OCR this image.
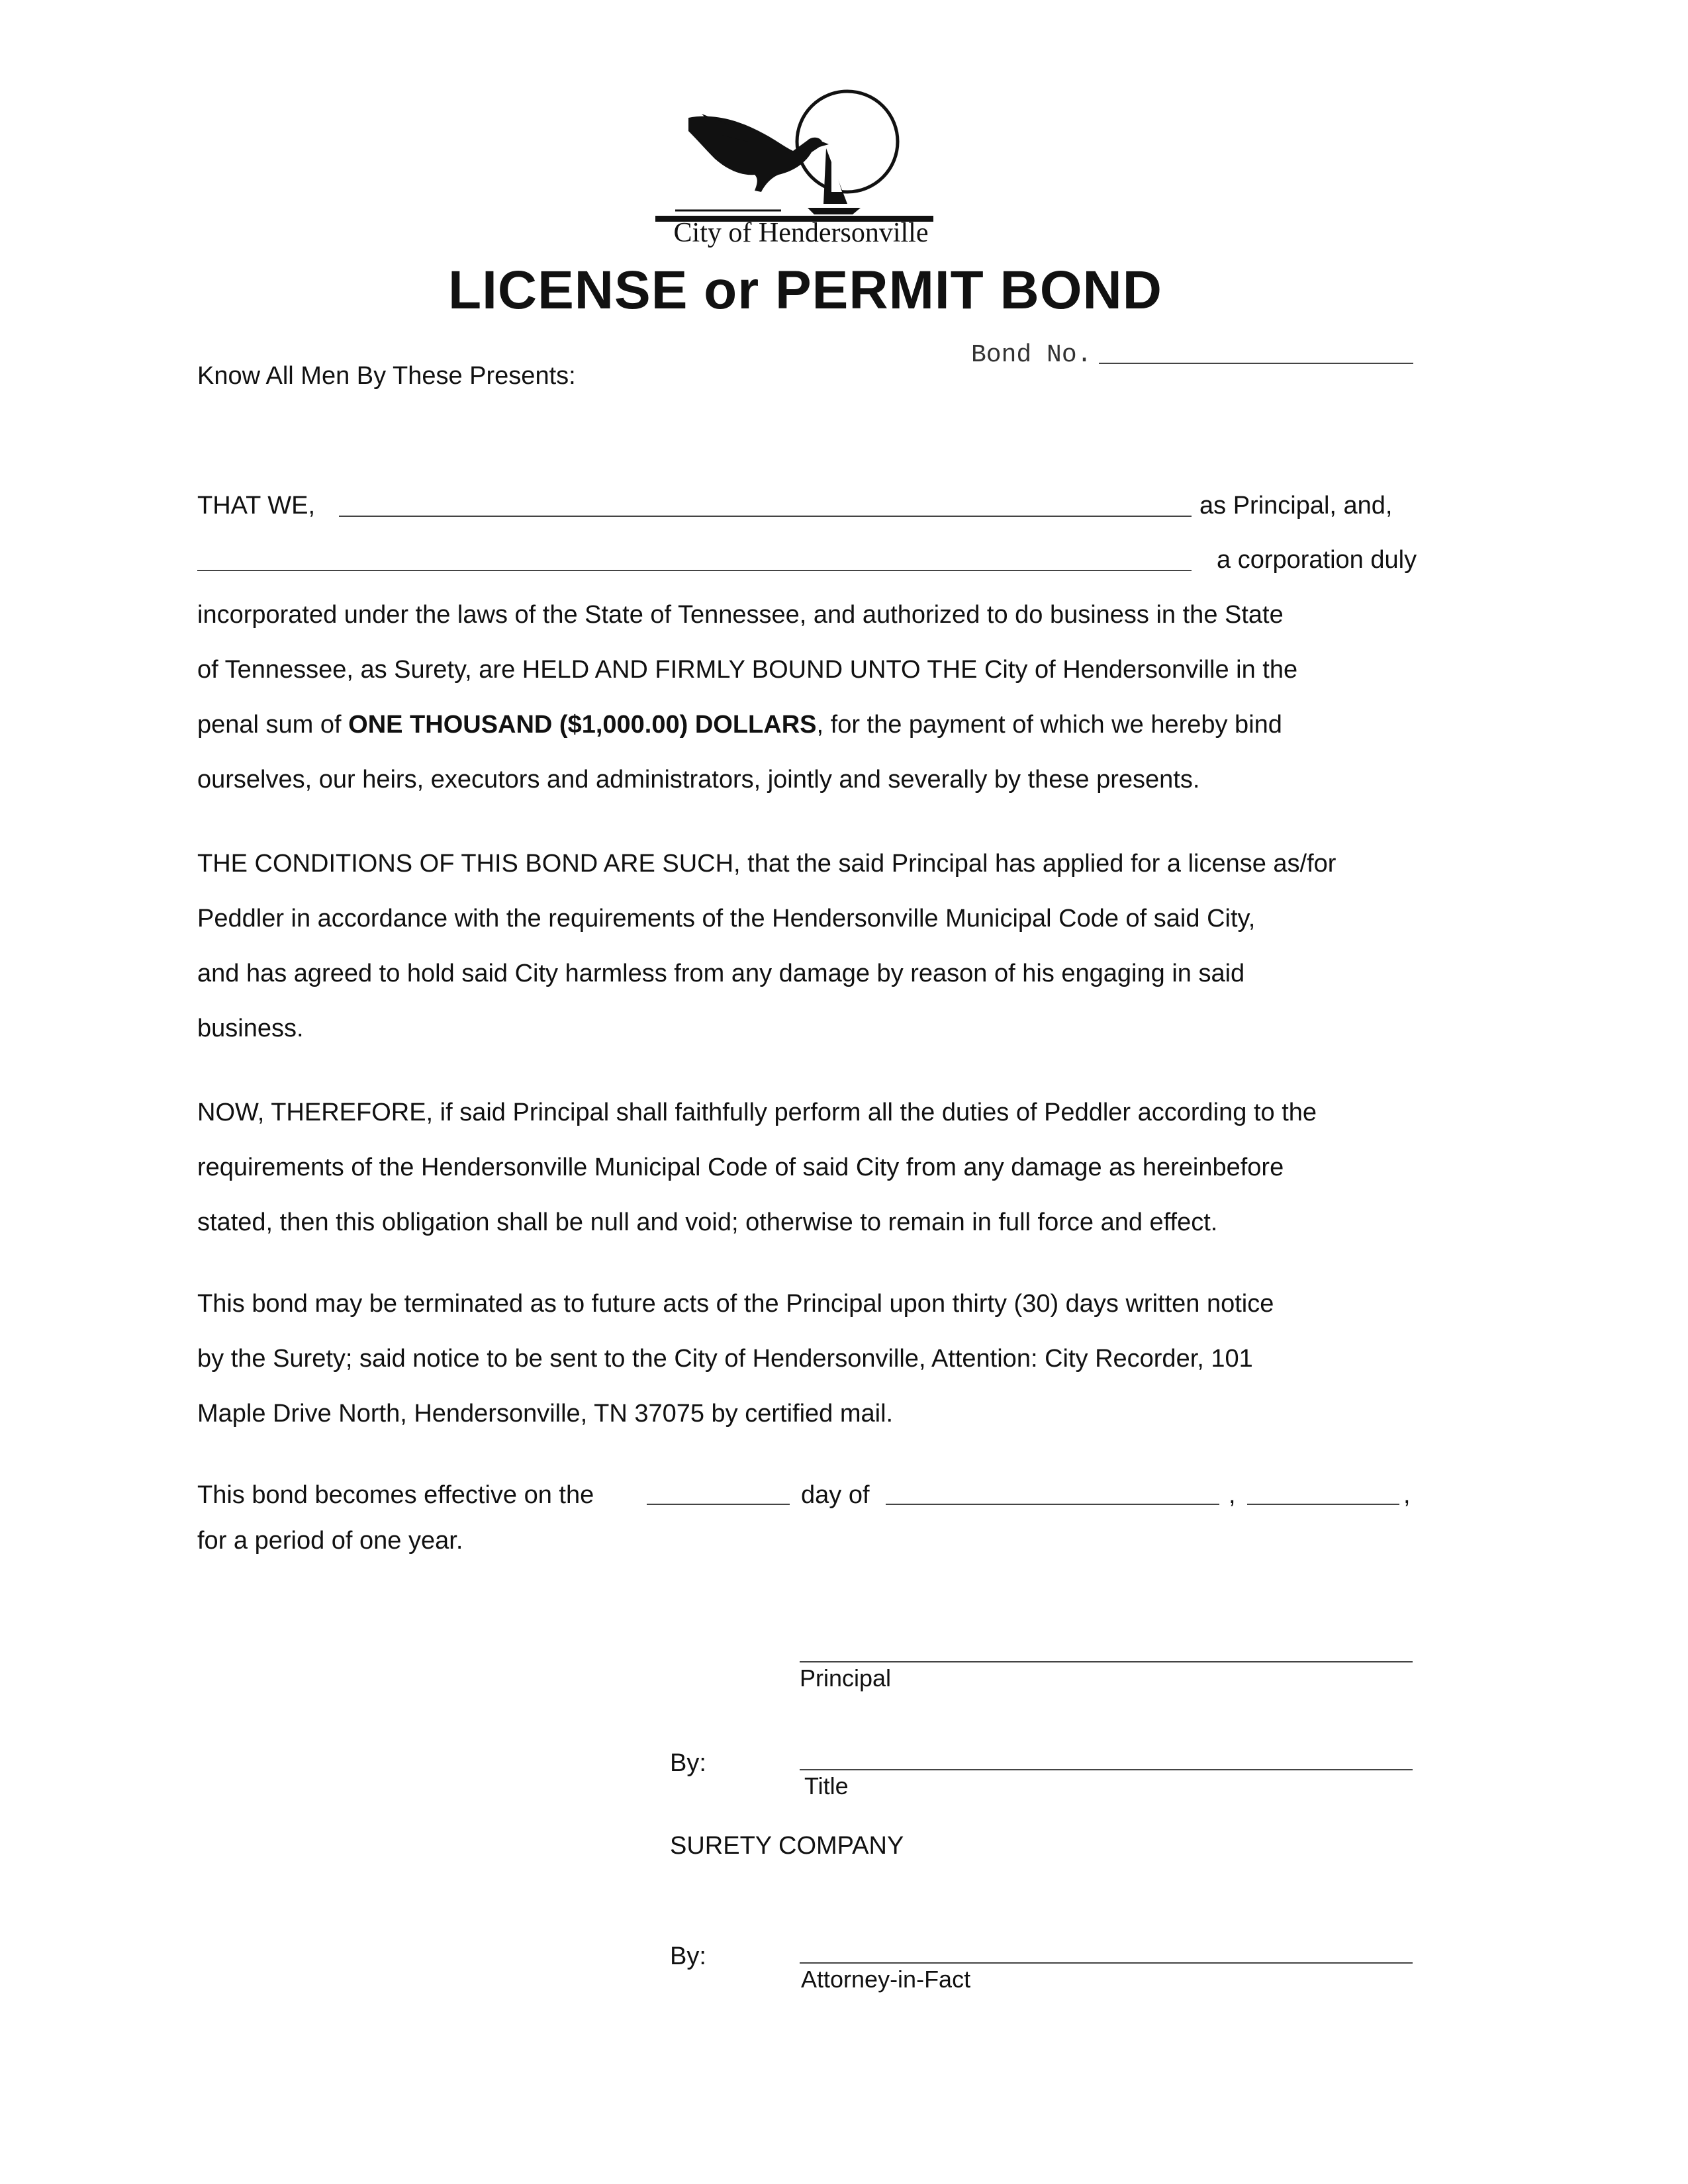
City of Hendersonville
LICENSE or PERMIT BOND
Bond No.
Know All Men By These Presents:
THAT WE,	as Principal, and,
a corporation duly
incorporated under the laws of the State of Tennessee, and authorized to do business in the State
of Tennessee, as Surety, are HELD AND FIRMLY BOUND UNTO THE City of Hendersonville in the
penal sum of ONE THOUSAND ($1,000.00) DOLLARS, for the payment of which we hereby bind
ourselves, our heirs, executors and administrators, jointly and severally by these presents.
THE CONDITIONS OF THIS BOND ARE SUCH, that the said Principal has applied for a license as/for
Peddler in accordance with the requirements of the Hendersonville Municipal Code of said City,
and has agreed to hold said City harmless from any damage by reason of his engaging in said
business.
NOW, THEREFORE, if said Principal shall faithfully perform all the duties of Peddler according to the
requirements of the Hendersonville Municipal Code of said City from any damage as hereinbefore
stated, then this obligation shall be null and void; otherwise to remain in full force and effect.
This bond may be terminated as to future acts of the Principal upon thirty (30) days written notice
by the Surety; said notice to be sent to the City of Hendersonville, Attention: City Recorder, 101
Maple Drive North, Hendersonville, TN 37075 by certified mail.
This bond becomes effective on the	day of	,	,
for a period of one year.
Principal
By:
Title
SURETY COMPANY
By:
Attorney-in-Fact
